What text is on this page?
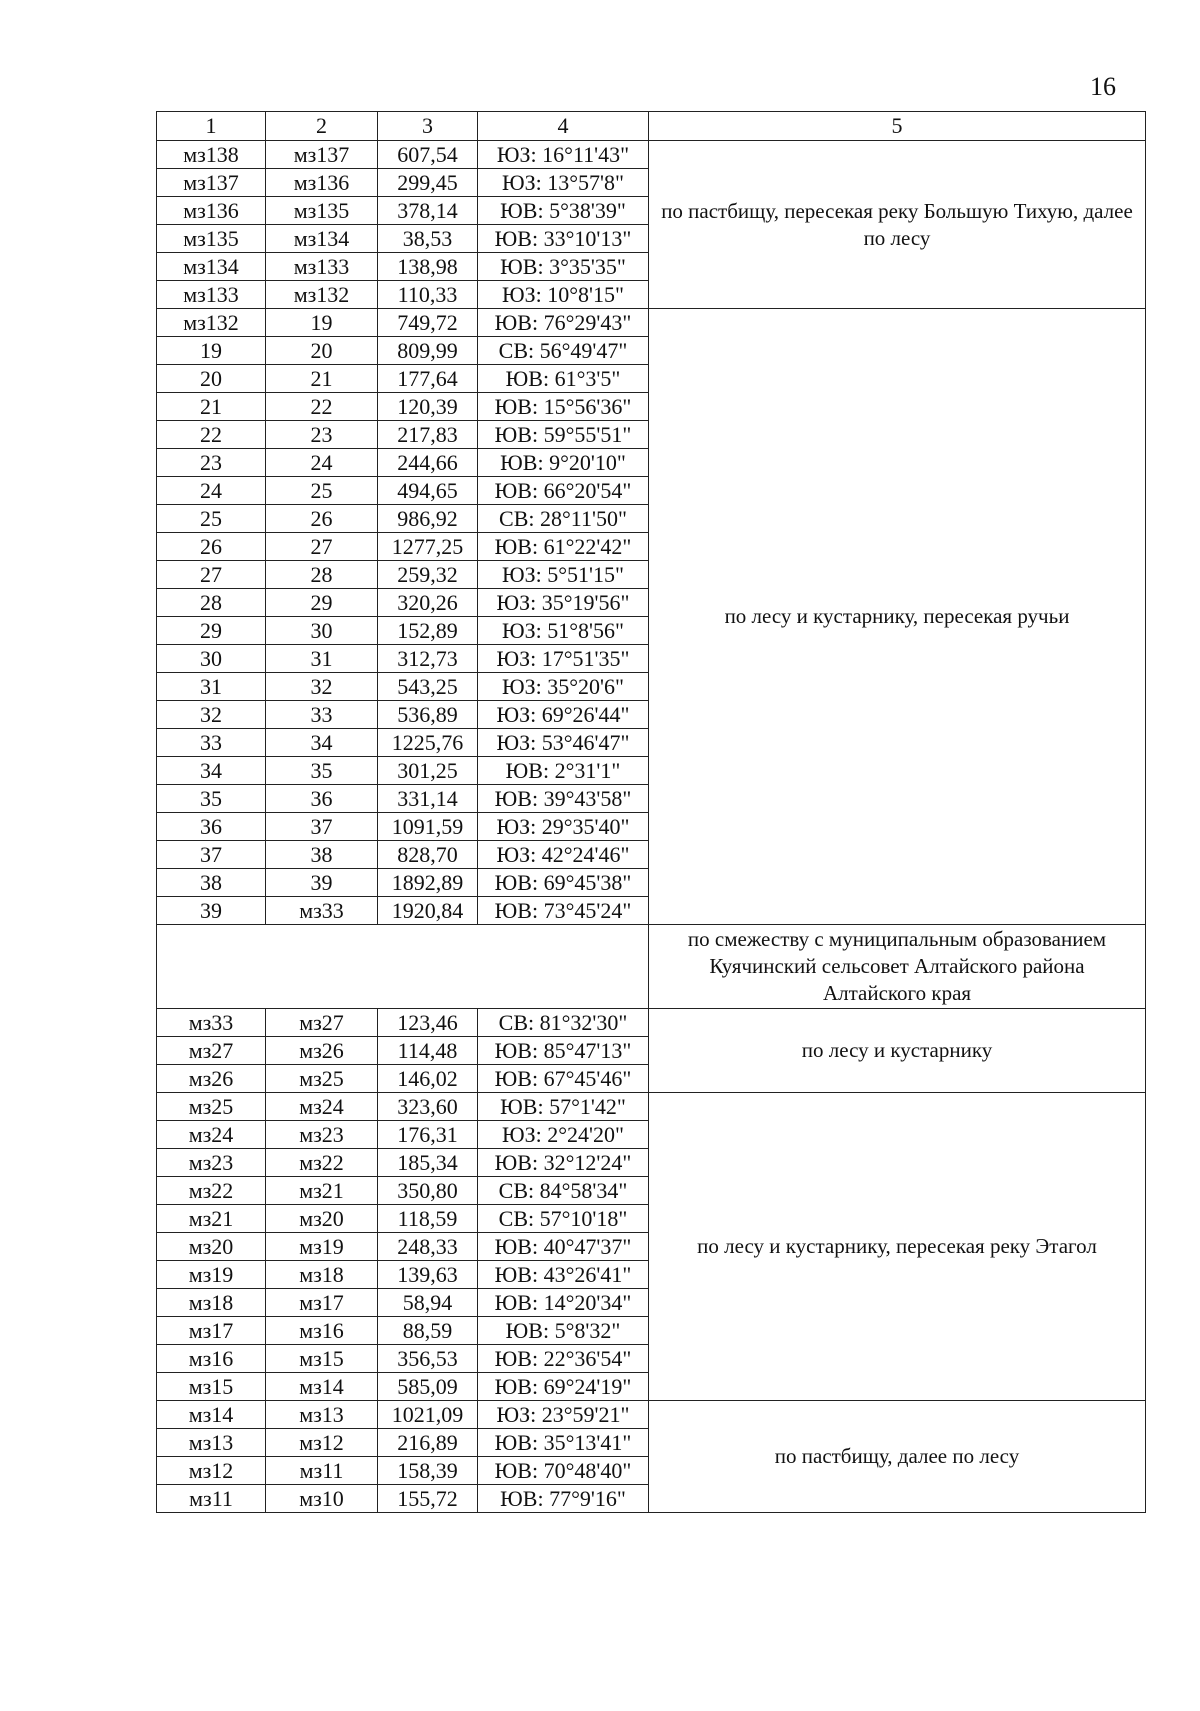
16
1	2	3	4	5
мз138	мз137	607,54	ЮЗ: 16°11'43"	по пастбищу, пересекая реку Большую Тихую, далее по лесу
мз137	мз136	299,45	ЮЗ: 13°57'8"	
мз136	мз135	378,14	ЮВ: 5°38'39"	
мз135	мз134	38,53	ЮВ: 33°10'13"	
мз134	мз133	138,98	ЮВ: 3°35'35"	
мз133	мз132	110,33	ЮЗ: 10°8'15"	
мз132	19	749,72	ЮВ: 76°29'43"	по лесу и кустарнику, пересекая ручьи
19	20	809,99	СВ: 56°49'47"	
20	21	177,64	ЮВ: 61°3'5"	
21	22	120,39	ЮВ: 15°56'36"	
22	23	217,83	ЮВ: 59°55'51"	
23	24	244,66	ЮВ: 9°20'10"	
24	25	494,65	ЮВ: 66°20'54"	
25	26	986,92	СВ: 28°11'50"	
26	27	1277,25	ЮВ: 61°22'42"	
27	28	259,32	ЮЗ: 5°51'15"	
28	29	320,26	ЮЗ: 35°19'56"	
29	30	152,89	ЮЗ: 51°8'56"	
30	31	312,73	ЮЗ: 17°51'35"	
31	32	543,25	ЮЗ: 35°20'6"	
32	33	536,89	ЮЗ: 69°26'44"	
33	34	1225,76	ЮЗ: 53°46'47"	
34	35	301,25	ЮВ: 2°31'1"	
35	36	331,14	ЮВ: 39°43'58"	
36	37	1091,59	ЮЗ: 29°35'40"	
37	38	828,70	ЮЗ: 42°24'46"	
38	39	1892,89	ЮВ: 69°45'38"	
39	мз33	1920,84	ЮВ: 73°45'24"	
				по смежеству с муниципальным образованием Куячинский сельсовет Алтайского района Алтайского края
мз33	мз27	123,46	СВ: 81°32'30"	по лесу и кустарнику
мз27	мз26	114,48	ЮВ: 85°47'13"	
мз26	мз25	146,02	ЮВ: 67°45'46"	
мз25	мз24	323,60	ЮВ: 57°1'42"	по лесу и кустарнику, пересекая реку Этагол
мз24	мз23	176,31	ЮЗ: 2°24'20"	
мз23	мз22	185,34	ЮВ: 32°12'24"	
мз22	мз21	350,80	СВ: 84°58'34"	
мз21	мз20	118,59	СВ: 57°10'18"	
мз20	мз19	248,33	ЮВ: 40°47'37"	
мз19	мз18	139,63	ЮВ: 43°26'41"	
мз18	мз17	58,94	ЮВ: 14°20'34"	
мз17	мз16	88,59	ЮВ: 5°8'32"	
мз16	мз15	356,53	ЮВ: 22°36'54"	
мз15	мз14	585,09	ЮВ: 69°24'19"	
мз14	мз13	1021,09	ЮЗ: 23°59'21"	по пастбищу, далее по лесу
мз13	мз12	216,89	ЮВ: 35°13'41"	
мз12	мз11	158,39	ЮВ: 70°48'40"	
мз11	мз10	155,72	ЮВ: 77°9'16"	
